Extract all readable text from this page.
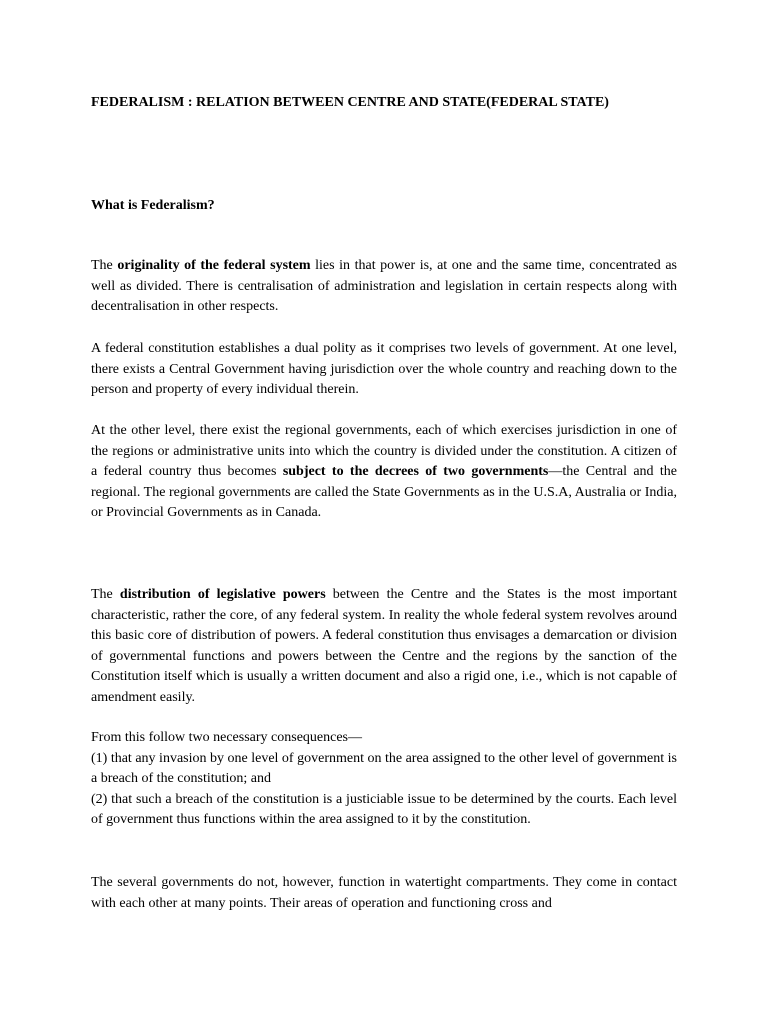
FEDERALISM : RELATION BETWEEN CENTRE AND STATE(FEDERAL STATE)
What is Federalism?

The originality of the federal system lies in that power is, at one and the same time, concentrated as well as divided. There is centralisation of administration and legislation in certain respects along with decentralisation in other respects.

A federal constitution establishes a dual polity as it comprises two levels of government. At one level, there exists a Central Government having jurisdiction over the whole country and reaching down to the person and property of every individual therein.

At the other level, there exist the regional governments, each of which exercises jurisdiction in one of the regions or administrative units into which the country is divided under the constitution. A citizen of a federal country thus becomes subject to the decrees of two governments—the Central and the regional. The regional governments are called the State Governments as in the U.S.A, Australia or India, or Provincial Governments as in Canada.

The distribution of legislative powers between the Centre and the States is the most important characteristic, rather the core, of any federal system. In reality the whole federal system revolves around this basic core of distribution of powers. A federal constitution thus envisages a demarcation or division of governmental functions and powers between the Centre and the regions by the sanction of the Constitution itself which is usually a written document and also a rigid one, i.e., which is not capable of amendment easily.

From this follow two necessary consequences—
(1) that any invasion by one level of government on the area assigned to the other level of government is a breach of the constitution; and
(2) that such a breach of the constitution is a justiciable issue to be determined by the courts. Each level of government thus functions within the area assigned to it by the constitution.

The several governments do not, however, function in watertight compartments. They come in contact with each other at many points. Their areas of operation and functioning cross and
